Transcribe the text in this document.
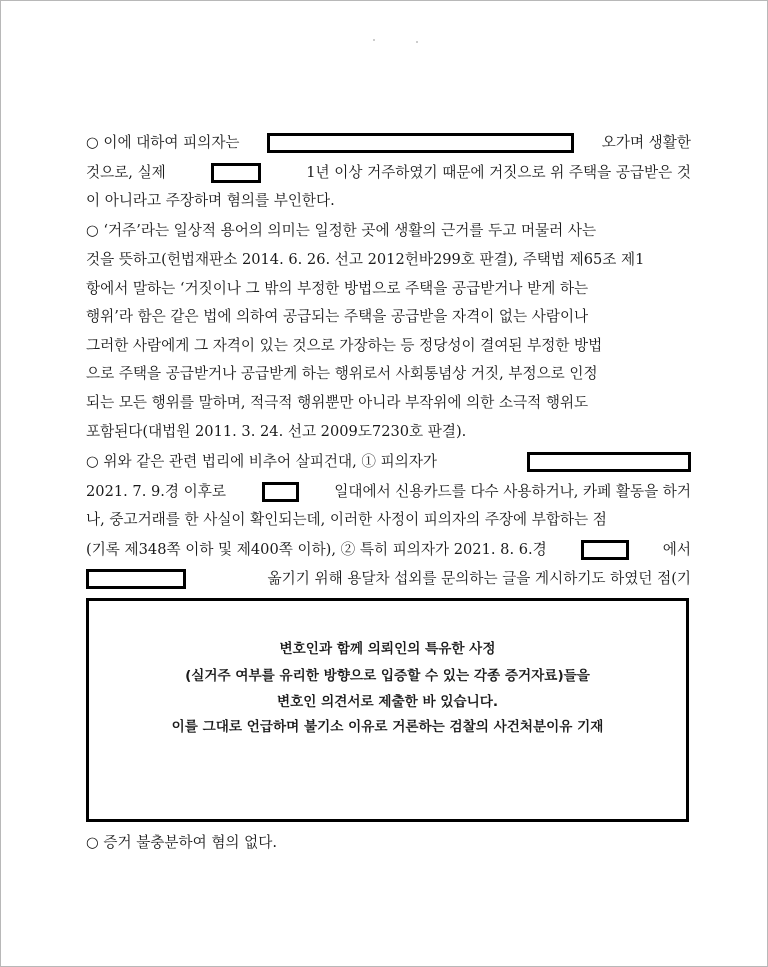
○ 이에 대하여 피의자는	오가며 생활한
것으로, 실제	1년 이상 거주하였기 때문에 거짓으로 위 주택을 공급받은 것
이 아니라고 주장하며 혐의를 부인한다.
○ ‘거주’라는 일상적 용어의 의미는 일정한 곳에 생활의 근거를 두고 머물러 사는
것을 뜻하고(헌법재판소 2014. 6. 26. 선고 2012헌바299호 판결), 주택법 제65조 제1
항에서 말하는 ‘거짓이나 그 밖의 부정한 방법으로 주택을 공급받거나 받게 하는
행위’라 함은 같은 법에 의하여 공급되는 주택을 공급받을 자격이 없는 사람이나
그러한 사람에게 그 자격이 있는 것으로 가장하는 등 정당성이 결여된 부정한 방법
으로 주택을 공급받거나 공급받게 하는 행위로서 사회통념상 거짓, 부정으로 인정
되는 모든 행위를 말하며, 적극적 행위뿐만 아니라 부작위에 의한 소극적 행위도
포함된다(대법원 2011. 3. 24. 선고 2009도7230호 판결).
○ 위와 같은 관련 법리에 비추어 살피건대, ① 피의자가
2021. 7. 9.경 이후로	일대에서 신용카드를 다수 사용하거나, 카페 활동을 하거
나, 중고거래를 한 사실이 확인되는데, 이러한 사정이 피의자의 주장에 부합하는 점
(기록 제348쪽 이하 및 제400쪽 이하), ② 특히 피의자가 2021. 8. 6.경	에서
옮기기 위해 용달차 섭외를 문의하는 글을 게시하기도 하였던 점(기

변호인과 함께 의뢰인의 특유한 사정

(실거주 여부를 유리한 방향으로 입증할 수 있는 각종 증거자료)들을

변호인 의견서로 제출한 바 있습니다.

이를 그대로 언급하며 불기소 이유로 거론하는 검찰의 사건처분이유 기재

○ 증거 불충분하여 혐의 없다.
